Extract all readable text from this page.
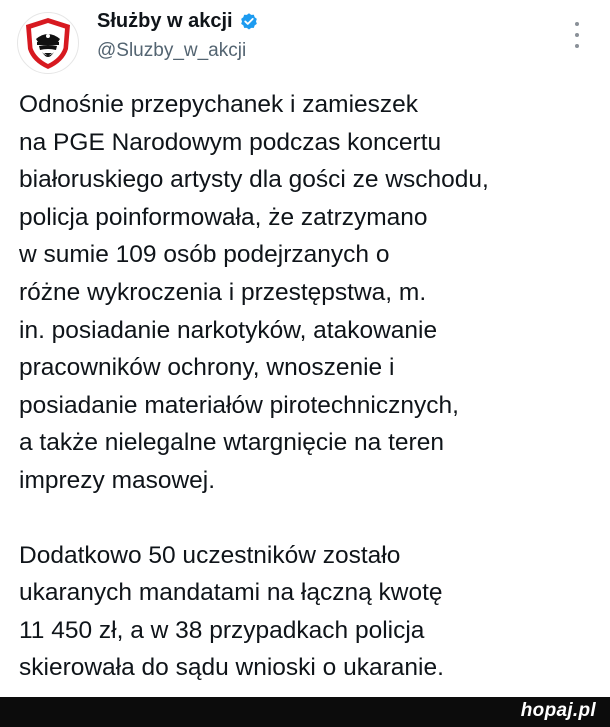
Służby w akcji
@Sluzby_w_akcji
Odnośnie przepychanek i zamieszek
na PGE Narodowym podczas koncertu
białoruskiego artysty dla gości ze wschodu,
policja poinformowała, że zatrzymano
w sumie 109 osób podejrzanych o
różne wykroczenia i przestępstwa, m.
in. posiadanie narkotyków, atakowanie
pracowników ochrony, wnoszenie i
posiadanie materiałów pirotechnicznych,
a także nielegalne wtargnięcie na teren
imprezy masowej.
Dodatkowo 50 uczestników zostało
ukaranych mandatami na łączną kwotę
11 450 zł, a w 38 przypadkach policja
skierowała do sądu wnioski o ukaranie.
hopaj.pl
